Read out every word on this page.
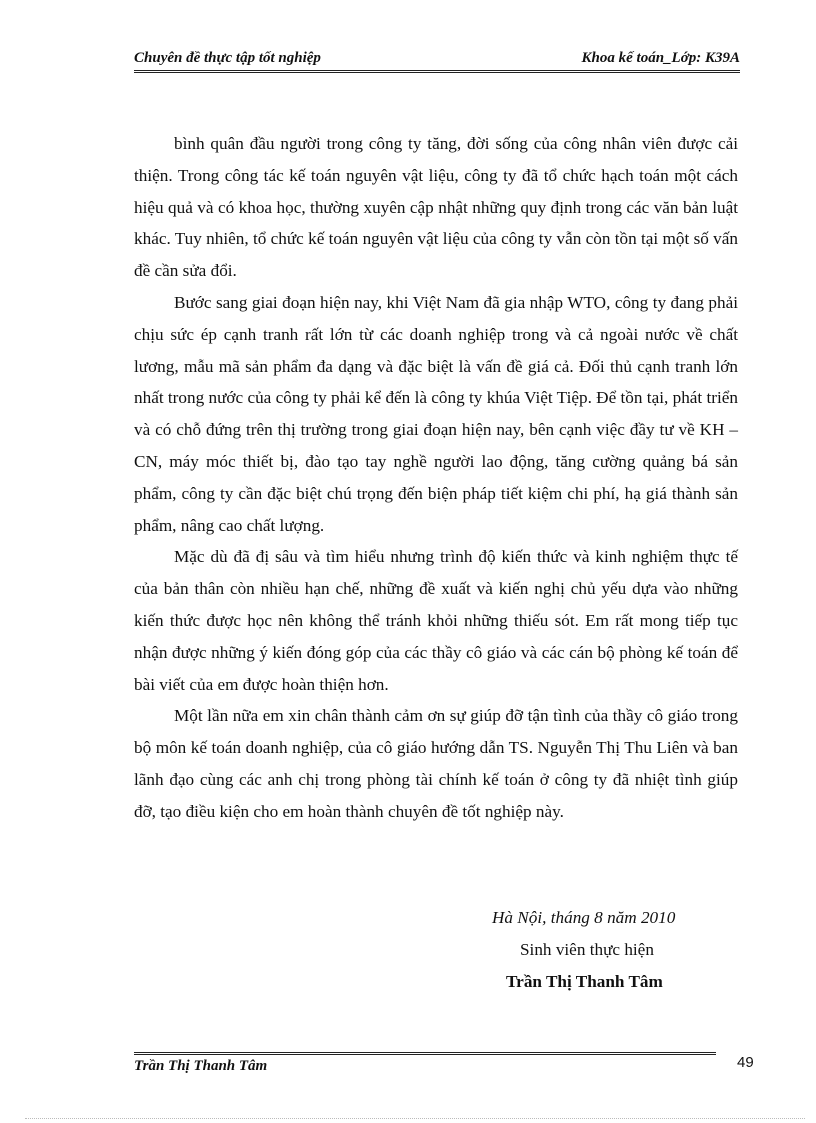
Chuyên đề thực tập tốt nghiệp	Khoa kế toán_Lớp: K39A

bình quân đầu người trong công ty tăng, đời sống của công nhân viên được cải thiện. Trong công tác kế toán nguyên vật liệu, công ty đã tổ chức hạch toán một cách hiệu quả và có khoa học, thường xuyên cập nhật những quy định trong các văn bản luật khác. Tuy nhiên, tổ chức kế toán nguyên vật liệu của công ty vẫn còn tồn tại một số vấn đề cần sửa đổi.

Bước sang giai đoạn hiện nay, khi Việt Nam đã gia nhập WTO, công ty đang phải chịu sức ép cạnh tranh rất lớn từ các doanh nghiệp trong và cả ngoài nước về chất lương, mẫu mã sản phẩm đa dạng và đặc biệt là vấn đề giá cả. Đối thủ cạnh tranh lớn nhất trong nước của công ty phải kể đến là công ty khúa Việt Tiệp. Để tồn tại, phát triển và có chỗ đứng trên thị trường trong giai đoạn hiện nay, bên cạnh việc đầy tư về KH – CN, máy móc thiết bị, đào tạo tay nghề người lao động, tăng cường quảng bá sản phẩm, công ty cần đặc biệt chú trọng đến biện pháp tiết kiệm chi phí, hạ giá thành sản phẩm, nâng cao chất lượng.

Mặc dù đã đị sâu và tìm hiểu nhưng trình độ kiến thức và kinh nghiệm thực tế của bản thân còn nhiều hạn chế, những đề xuất và kiến nghị chủ yếu dựa vào những kiến thức được học nên không thể tránh khỏi những thiếu sót. Em rất mong tiếp tục nhận được những ý kiến đóng góp của các thầy cô giáo và các cán bộ phòng kế toán để bài viết của em được hoàn thiện hơn.

Một lần nữa em xin chân thành cảm ơn sự giúp đỡ tận tình của thầy cô giáo trong bộ môn kế toán doanh nghiệp, của cô giáo hướng dẫn TS. Nguyễn Thị Thu Liên và ban lãnh đạo cùng các anh chị trong phòng tài chính kế toán ở công ty đã nhiệt tình giúp đỡ, tạo điều kiện cho em hoàn thành chuyên đề tốt nghiệp này.

Hà Nội, tháng 8 năm 2010
Sinh viên thực hiện
Trần Thị Thanh Tâm
Trần Thị Thanh Tâm	49
